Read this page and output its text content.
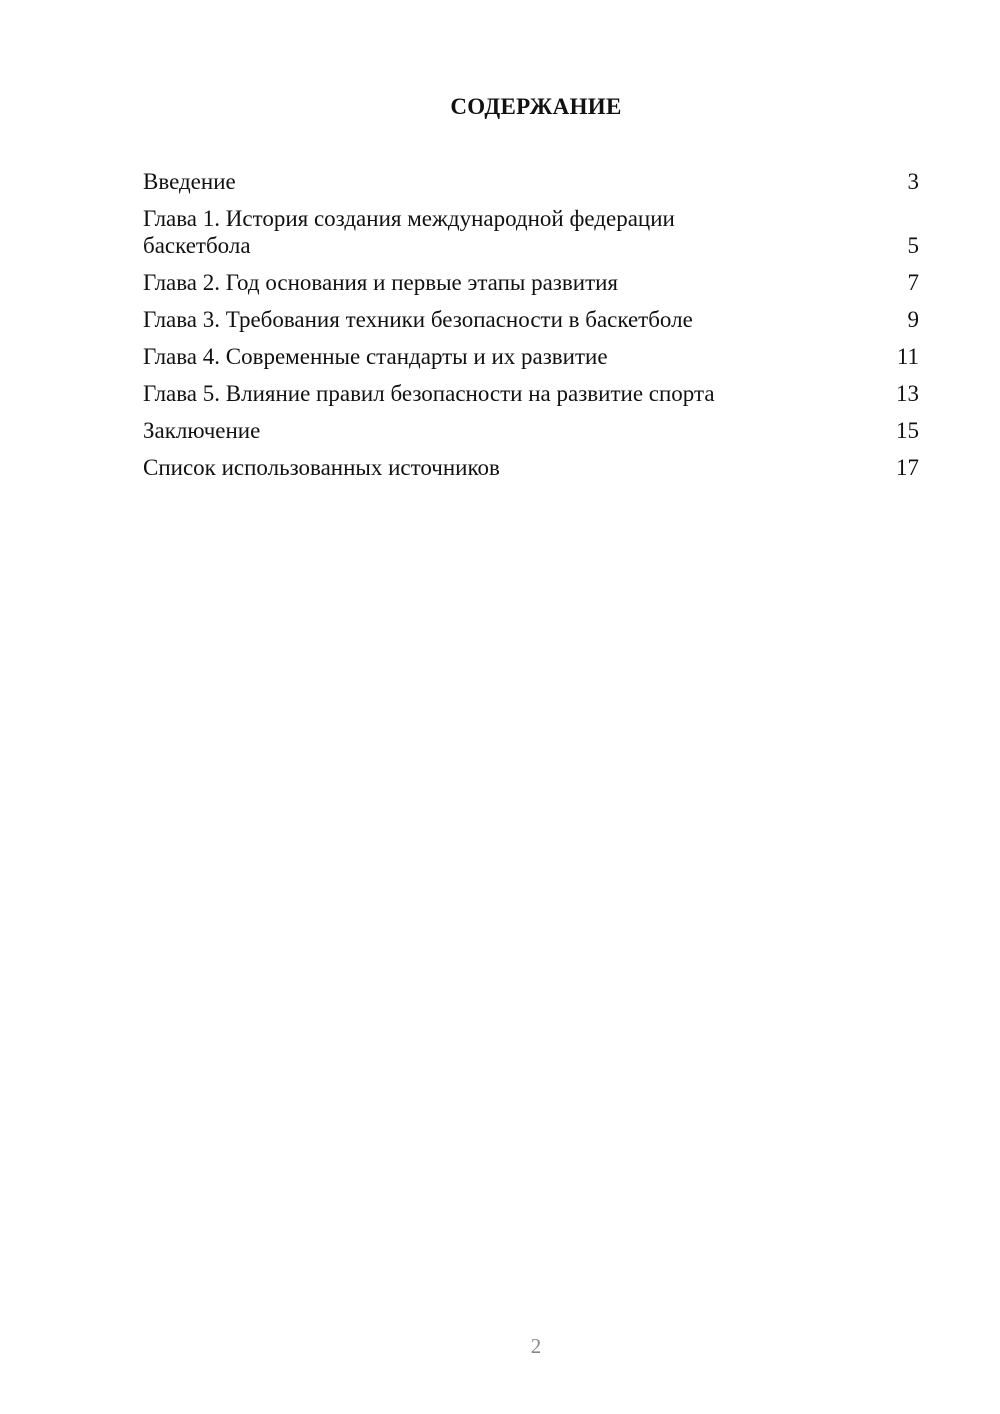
СОДЕРЖАНИЕ
Введение	3
Глава 1. История создания международной федерации баскетбола	5
Глава 2. Год основания и первые этапы развития	7
Глава 3. Требования техники безопасности в баскетболе	9
Глава 4. Современные стандарты и их развитие	11
Глава 5. Влияние правил безопасности на развитие спорта	13
Заключение	15
Список использованных источников	17
2
